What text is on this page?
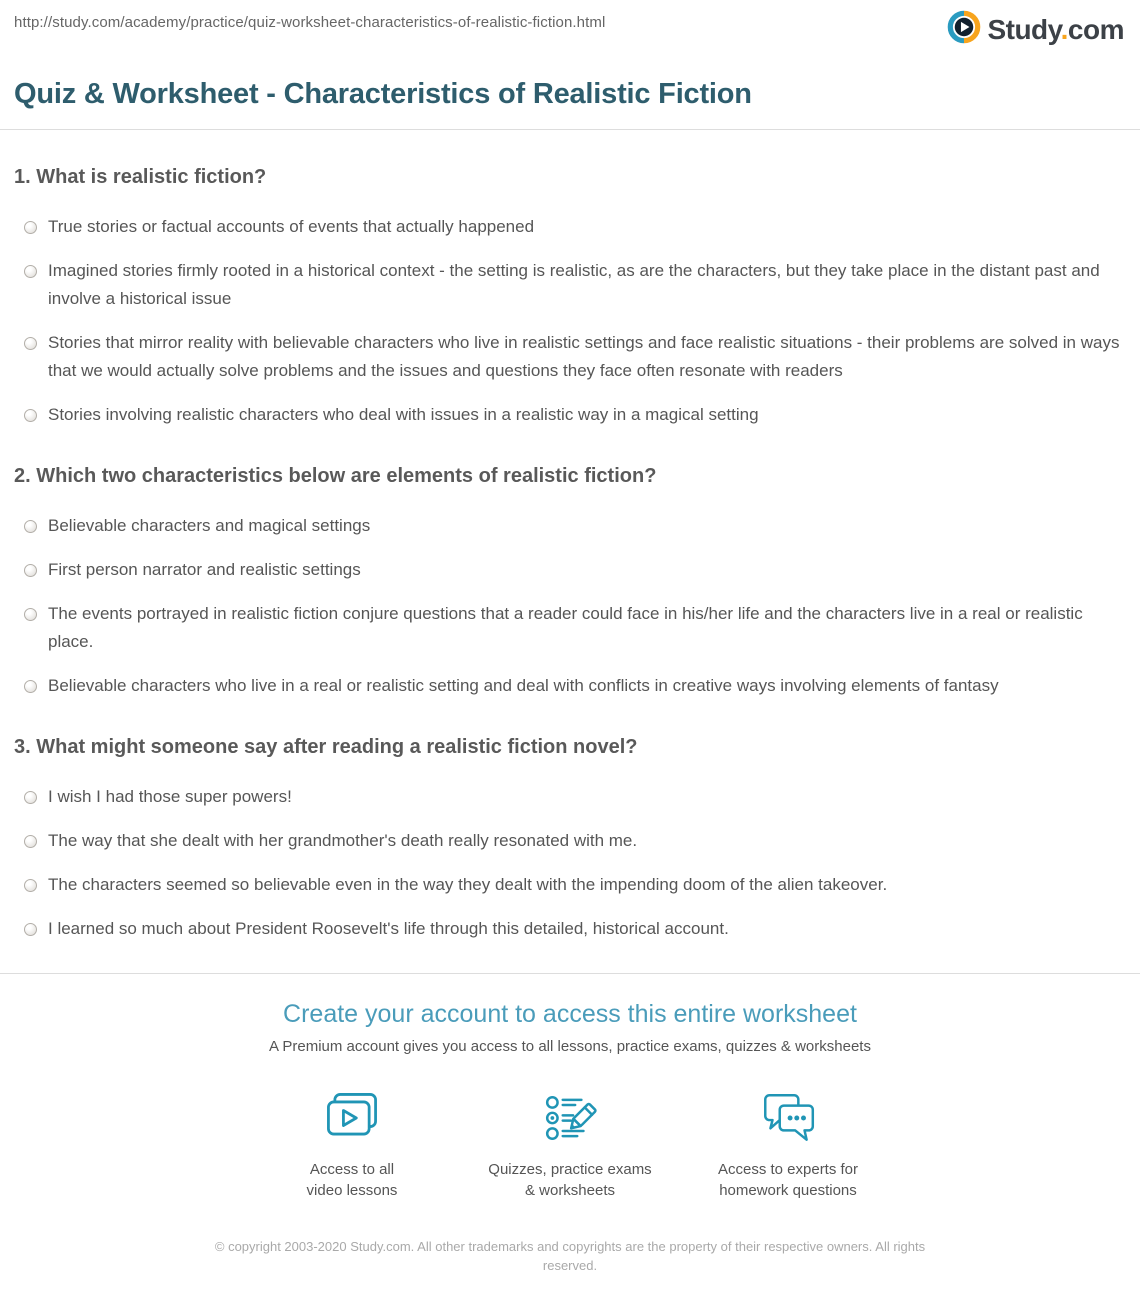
http://study.com/academy/practice/quiz-worksheet-characteristics-of-realistic-fiction.html	Study.com
Quiz & Worksheet - Characteristics of Realistic Fiction
1. What is realistic fiction?
True stories or factual accounts of events that actually happened
Imagined stories firmly rooted in a historical context - the setting is realistic, as are the characters, but they take place in the distant past and involve a historical issue
Stories that mirror reality with believable characters who live in realistic settings and face realistic situations - their problems are solved in ways that we would actually solve problems and the issues and questions they face often resonate with readers
Stories involving realistic characters who deal with issues in a realistic way in a magical setting
2. Which two characteristics below are elements of realistic fiction?
Believable characters and magical settings
First person narrator and realistic settings
The events portrayed in realistic fiction conjure questions that a reader could face in his/her life and the characters live in a real or realistic place.
Believable characters who live in a real or realistic setting and deal with conflicts in creative ways involving elements of fantasy
3. What might someone say after reading a realistic fiction novel?
I wish I had those super powers!
The way that she dealt with her grandmother's death really resonated with me.
The characters seemed so believable even in the way they dealt with the impending doom of the alien takeover.
I learned so much about President Roosevelt's life through this detailed, historical account.
Create your account to access this entire worksheet
A Premium account gives you access to all lessons, practice exams, quizzes & worksheets
Access to all
video lessons
Quizzes, practice exams
& worksheets
Access to experts for
homework questions
© copyright 2003-2020 Study.com. All other trademarks and copyrights are the property of their respective owners. All rights reserved.
